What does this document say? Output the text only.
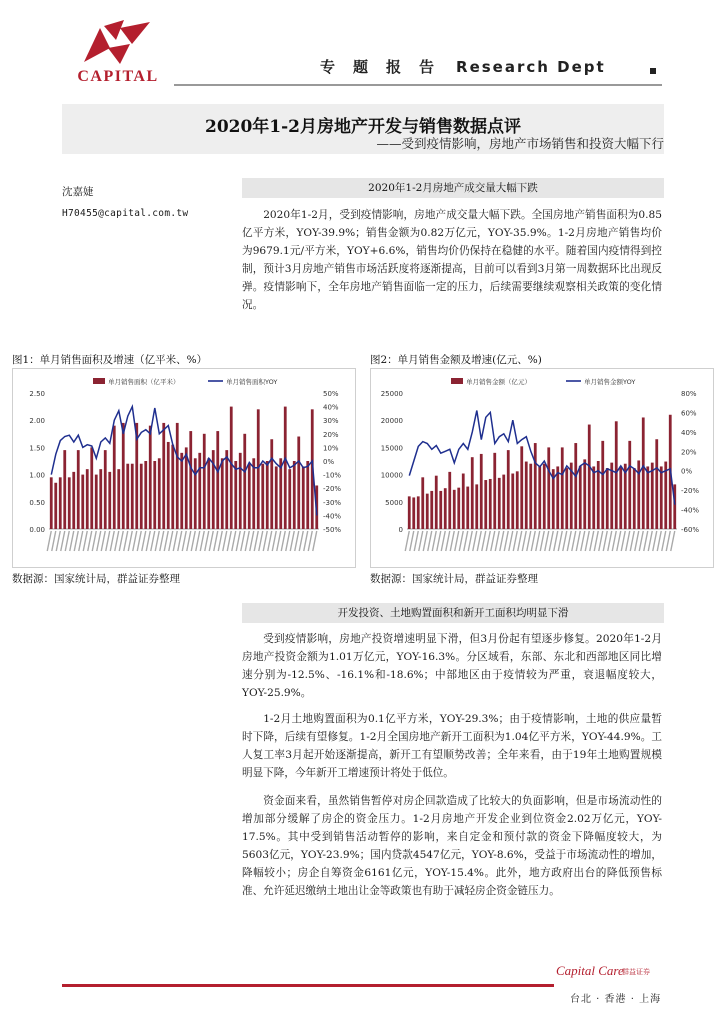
CAPITAL
专题报告 Research Dept
2020年1-2月房地产开发与销售数据点评
——受到疫情影响，房地产市场销售和投资大幅下行
沈嘉婕
H70455@capital.com.tw
2020年1-2月房地产成交量大幅下跌
2020年1-2月，受到疫情影响，房地产成交量大幅下跌。全国房地产销售面积为0.85亿平方米，YOY-39.9%；销售金额为0.82万亿元，YOY-35.9%。1-2月房地产销售均价为9679.1元/平方米，YOY+6.6%，销售均价仍保持在稳健的水平。随着国内疫情得到控制，预计3月房地产销售市场活跃度将逐渐提高，目前可以看到3月第一周数据环比出现反弹。疫情影响下，全年房地产销售面临一定的压力，后续需要继续观察相关政策的变化情况。
图1：单月销售面积及增速（亿平米、%）	图2：单月销售金额及增速(亿元、%)
单月销售面积（亿平米）	单月销售面积YOY
2.50
2.00
1.50
1.00
0.50
0.00
50%
40%
30%
20%
10%
0%
-10%
-20%
-30%
-40%
-50%
单月销售金额（亿元）	单月销售金额YOY
25000
20000
15000
10000
5000
0
80%
60%
40%
20%
0%
-20%
-40%
-60%
数据源：国家统计局，群益证券整理	数据源：国家统计局，群益证券整理
开发投资、土地购置面积和新开工面积均明显下滑
受到疫情影响，房地产投资增速明显下滑，但3月份起有望逐步修复。2020年1-2月房地产投资金额为1.01万亿元，YOY-16.3%。分区域看，东部、东北和西部地区同比增速分别为-12.5%、-16.1%和-18.6%；中部地区由于疫情较为严重，衰退幅度较大，YOY-25.9%。
1-2月土地购置面积为0.1亿平方米，YOY-29.3%；由于疫情影响，土地的供应量暂时下降，后续有望修复。1-2月全国房地产新开工面积为1.04亿平方米，YOY-44.9%。工人复工率3月起开始逐渐提高，新开工有望顺势改善；全年来看，由于19年土地购置规模明显下降，今年新开工增速预计将处于低位。
资金面来看，虽然销售暂停对房企回款造成了比较大的负面影响，但是市场流动性的增加部分缓解了房企的资金压力。1-2月房地产开发企业到位资金2.02万亿元，YOY-17.5%。其中受到销售活动暂停的影响，来自定金和预付款的资金下降幅度较大，为5603亿元，YOY-23.9%；国内贷款4547亿元，YOY-8.6%，受益于市场流动性的增加，降幅较小；房企自筹资金6161亿元，YOY-15.4%。此外，地方政府出台的降低预售标准、允许延迟缴纳土地出让金等政策也有助于减轻房企资金链压力。
Capital Care
群益证券
台北 · 香港 · 上海
